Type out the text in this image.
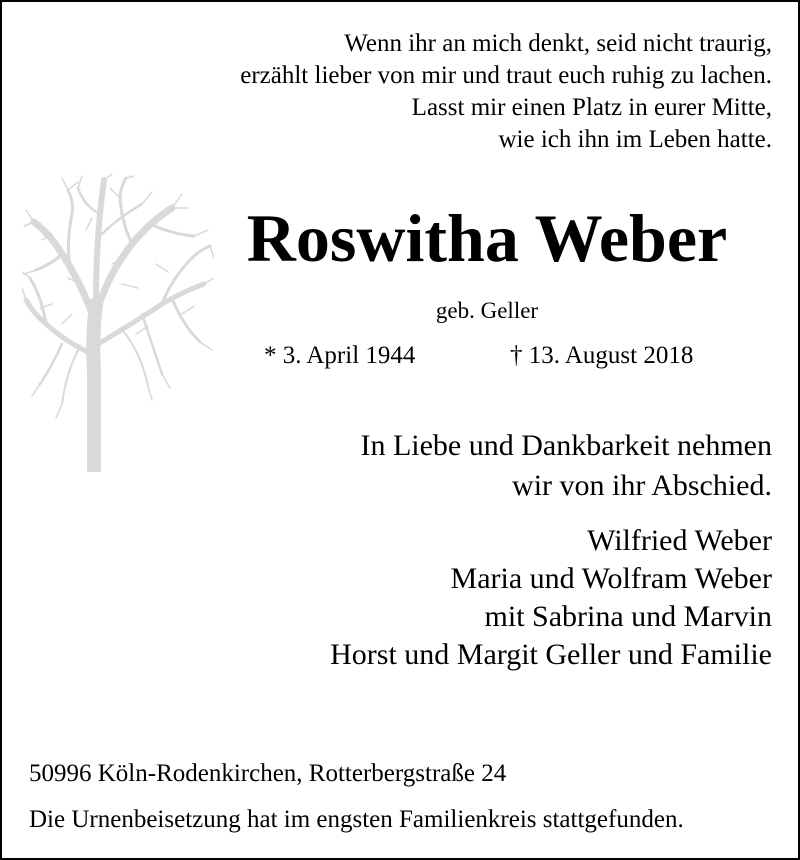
Wenn ihr an mich denkt, seid nicht traurig,
erzählt lieber von mir und traut euch ruhig zu lachen.
Lasst mir einen Platz in eurer Mitte,
wie ich ihn im Leben hatte.
Roswitha Weber
geb. Geller
* 3. April 1944	† 13. August 2018
In Liebe und Dankbarkeit nehmen
wir von ihr Abschied.
Wilfried Weber
Maria und Wolfram Weber
mit Sabrina und Marvin
Horst und Margit Geller und Familie
50996 Köln-Rodenkirchen, Rotterbergstraße 24
Die Urnenbeisetzung hat im engsten Familienkreis stattgefunden.
